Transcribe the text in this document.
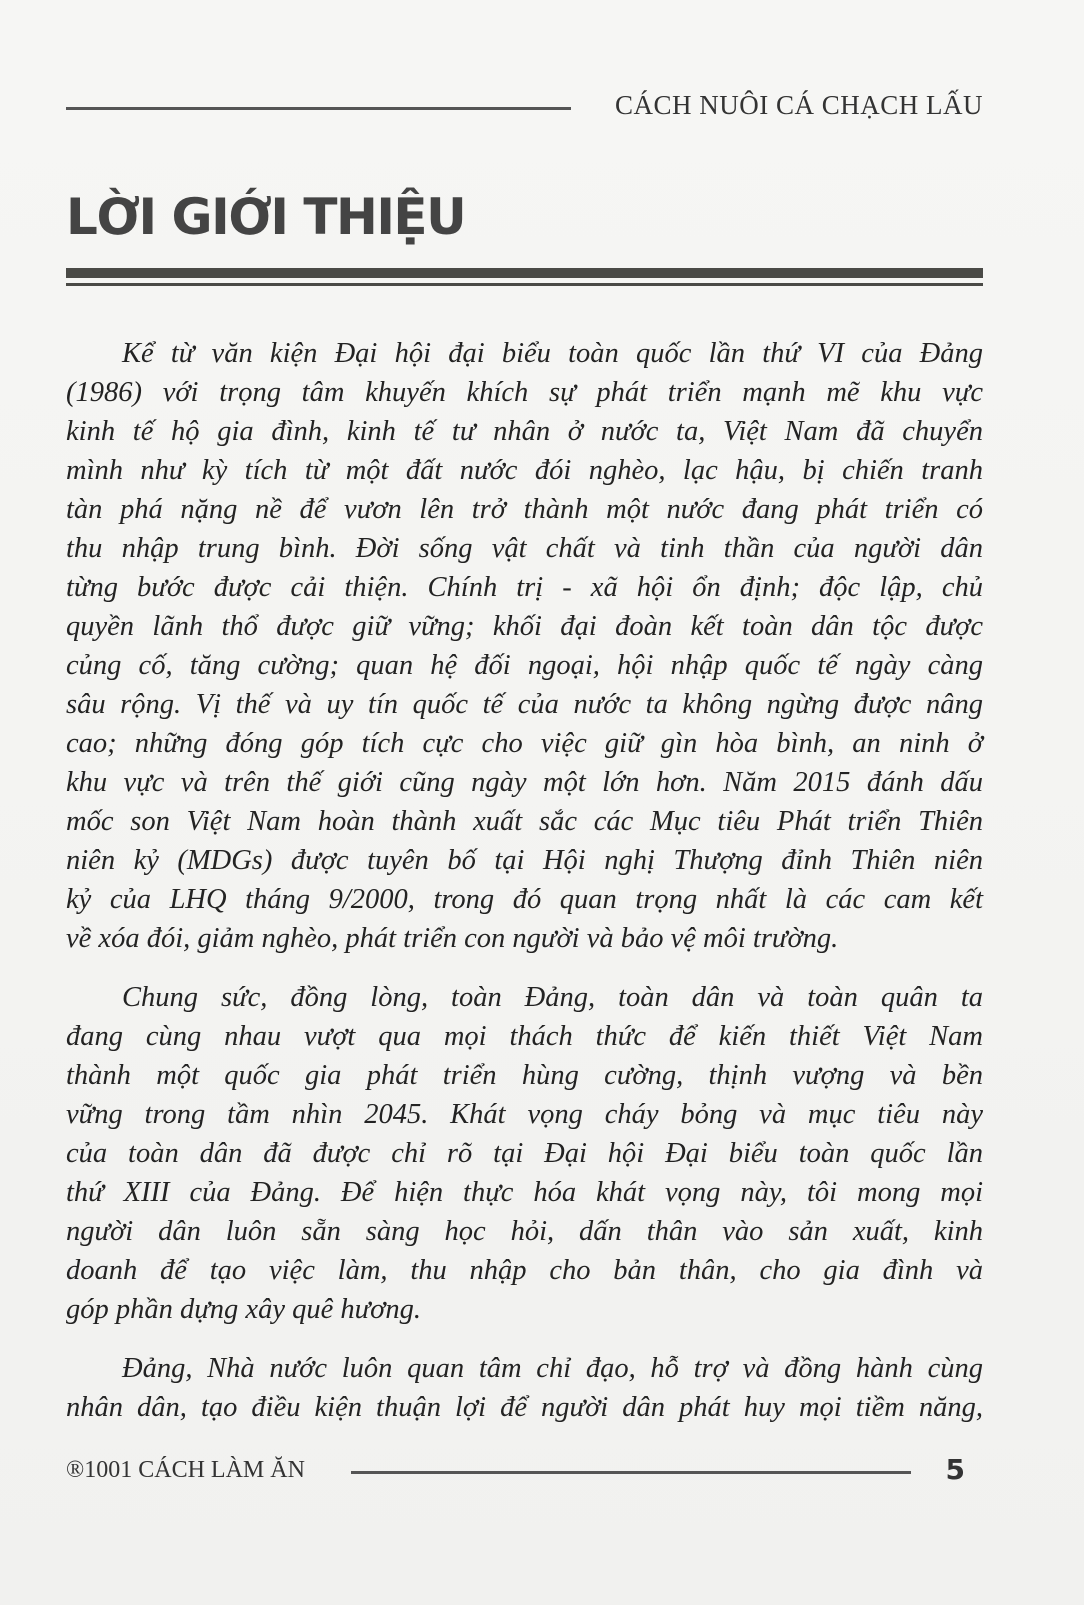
CÁCH NUÔI CÁ CHẠCH LẤU
LỜI GIỚI THIỆU
Kể từ văn kiện Đại hội đại biểu toàn quốc lần thứ VI của Đảng
(1986) với trọng tâm khuyến khích sự phát triển mạnh mẽ khu vực
kinh tế hộ gia đình, kinh tế tư nhân ở nước ta, Việt Nam đã chuyển
mình như kỳ tích từ một đất nước đói nghèo, lạc hậu, bị chiến tranh
tàn phá nặng nề để vươn lên trở thành một nước đang phát triển có
thu nhập trung bình. Đời sống vật chất và tinh thần của người dân
từng bước được cải thiện. Chính trị - xã hội ổn định; độc lập, chủ
quyền lãnh thổ được giữ vững; khối đại đoàn kết toàn dân tộc được
củng cố, tăng cường; quan hệ đối ngoại, hội nhập quốc tế ngày càng
sâu rộng. Vị thế và uy tín quốc tế của nước ta không ngừng được nâng
cao; những đóng góp tích cực cho việc giữ gìn hòa bình, an ninh ở
khu vực và trên thế giới cũng ngày một lớn hơn. Năm 2015 đánh dấu
mốc son Việt Nam hoàn thành xuất sắc các Mục tiêu Phát triển Thiên
niên kỷ (MDGs) được tuyên bố tại Hội nghị Thượng đỉnh Thiên niên
kỷ của LHQ tháng 9/2000, trong đó quan trọng nhất là các cam kết
về xóa đói, giảm nghèo, phát triển con người và bảo vệ môi trường.
Chung sức, đồng lòng, toàn Đảng, toàn dân và toàn quân ta
đang cùng nhau vượt qua mọi thách thức để kiến thiết Việt Nam
thành một quốc gia phát triển hùng cường, thịnh vượng và bền
vững trong tầm nhìn 2045. Khát vọng cháy bỏng và mục tiêu này
của toàn dân đã được chỉ rõ tại Đại hội Đại biểu toàn quốc lần
thứ XIII của Đảng. Để hiện thực hóa khát vọng này, tôi mong mọi
người dân luôn sẵn sàng học hỏi, dấn thân vào sản xuất, kinh
doanh để tạo việc làm, thu nhập cho bản thân, cho gia đình và
góp phần dựng xây quê hương.
Đảng, Nhà nước luôn quan tâm chỉ đạo, hỗ trợ và đồng hành cùng
nhân dân, tạo điều kiện thuận lợi để người dân phát huy mọi tiềm năng,
®1001 CÁCH LÀM ĂN	5
